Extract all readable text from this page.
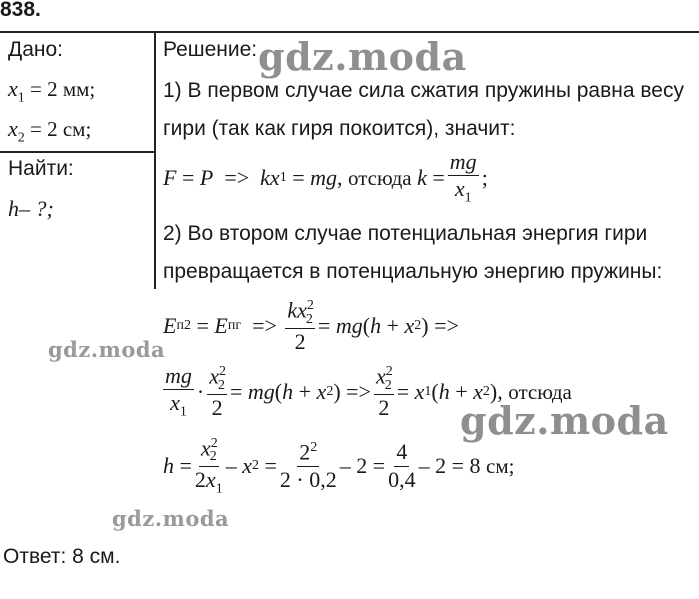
838.
Дано:
$x_1 = 2$ мм;
$x_2 = 2$ см;
Найти:
h– ?;
Решение:
1) В первом случае сила сжатия пружины равна весу
гири (так как гиря покоится), значит:
F = P => kx 1 = mg , отсюда
$k = \frac{mg}{x_1}$ ;
2) Во втором случае потенциальная энергия гири
превращается в потенциальную энергию пружины:
E п2 = E пг => $\frac{kx^2_2}{2}$ = mg ( h + x 2 ) =>
$\frac{mg}{x_1} \cdot \frac{x^2_2}{2}$ = mg ( h + x 2 ) => $\frac{x^2_2}{2} = x$ 1 ( h + x 2 ), отсюда
$h = \frac{x^2_2}{2x_1} - x$ $2 = \frac{2^2}{2 \cdot 0,2} - 2 = \frac{4}{0,4} - 2 = 8$ см;
Ответ: 8 см.
gdz.moda
gdz.moda
gdz.moda
gdz.moda
